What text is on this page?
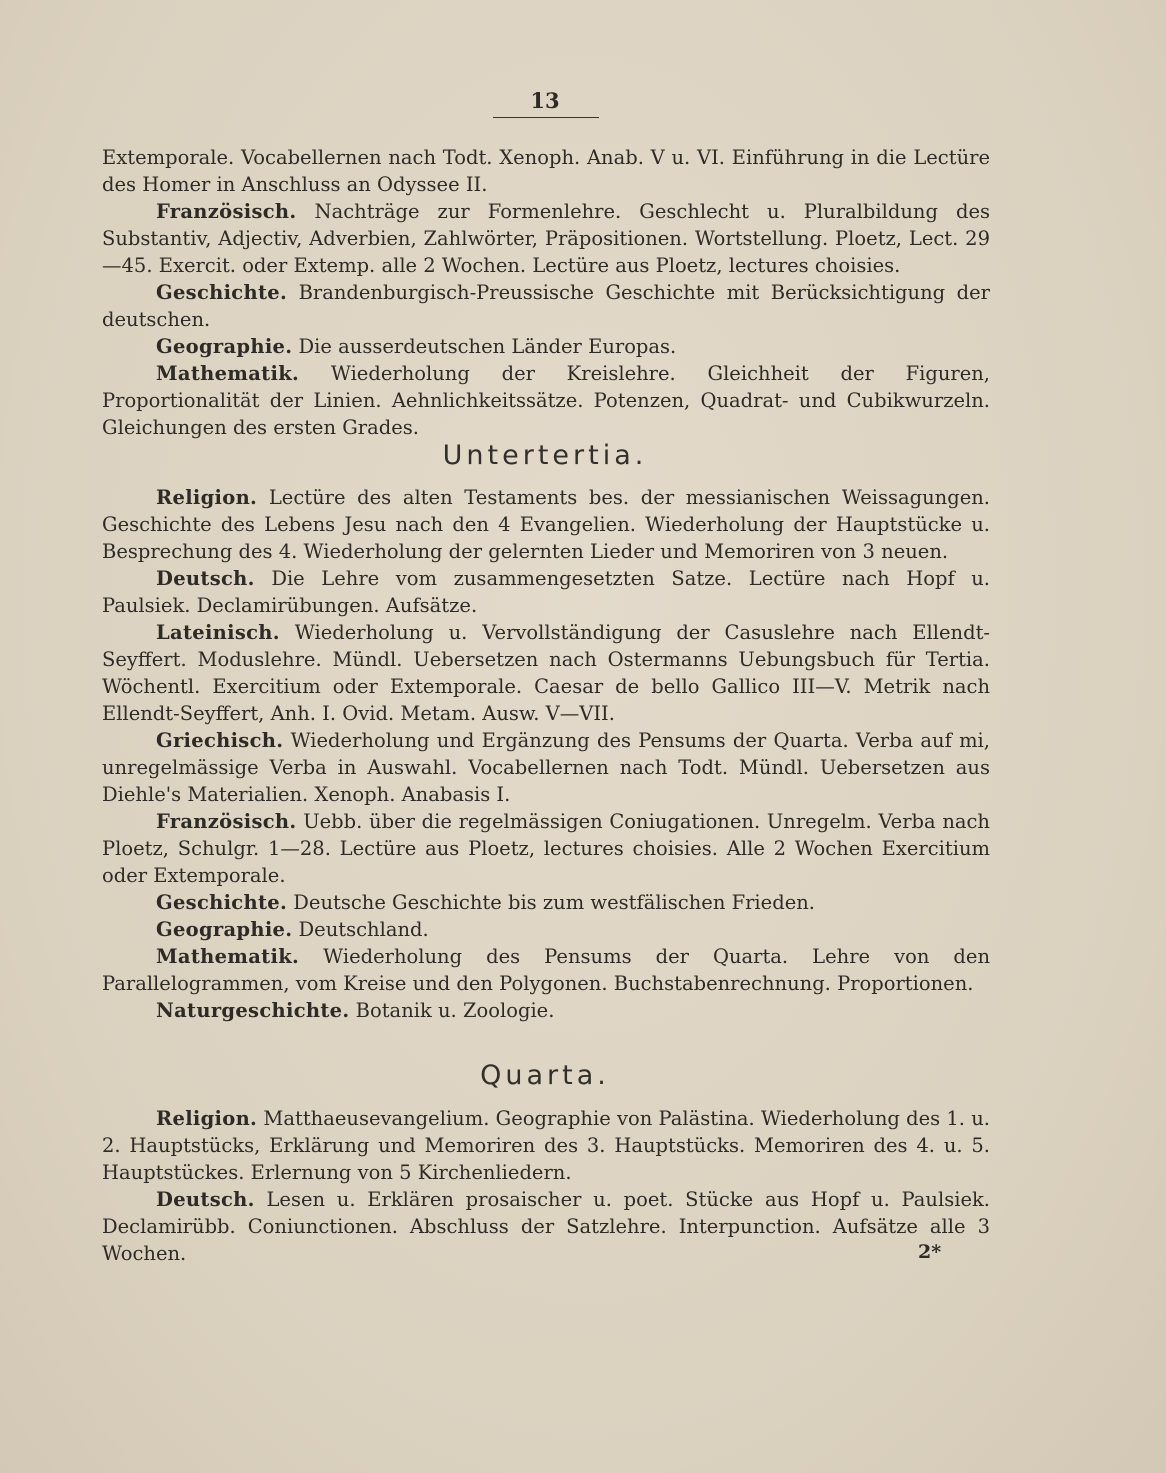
13

Extemporale. Vocabellernen nach Todt. Xenoph. Anab. V u. VI. Einführung in die Lectüre des Homer in Anschluss an Odyssee II.

Französisch. Nachträge zur Formenlehre. Geschlecht u. Pluralbildung des Substantiv, Adjectiv, Adverbien, Zahlwörter, Präpositionen. Wortstellung. Ploetz, Lect. 29—45. Exercit. oder Extemp. alle 2 Wochen. Lectüre aus Ploetz, lectures choisies.

Geschichte. Brandenburgisch-Preussische Geschichte mit Berücksichtigung der deutschen.

Geographie. Die ausserdeutschen Länder Europas.

Mathematik. Wiederholung der Kreislehre. Gleichheit der Figuren, Proportionalität der Linien. Aehnlichkeitssätze. Potenzen, Quadrat- und Cubikwurzeln. Gleichungen des ersten Grades.

Untertertia.

Religion. Lectüre des alten Testaments bes. der messianischen Weissagungen. Geschichte des Lebens Jesu nach den 4 Evangelien. Wiederholung der Hauptstücke u. Besprechung des 4. Wiederholung der gelernten Lieder und Memoriren von 3 neuen.

Deutsch. Die Lehre vom zusammengesetzten Satze. Lectüre nach Hopf u. Paulsiek. Declamirübungen. Aufsätze.

Lateinisch. Wiederholung u. Vervollständigung der Casuslehre nach Ellendt-Seyffert. Moduslehre. Mündl. Uebersetzen nach Ostermanns Uebungsbuch für Tertia. Wöchentl. Exercitium oder Extemporale. Caesar de bello Gallico III—V. Metrik nach Ellendt-Seyffert, Anh. I. Ovid. Metam. Ausw. V—VII.

Griechisch. Wiederholung und Ergänzung des Pensums der Quarta. Verba auf mi, unregelmässige Verba in Auswahl. Vocabellernen nach Todt. Mündl. Uebersetzen aus Diehle's Materialien. Xenoph. Anabasis I.

Französisch. Uebb. über die regelmässigen Coniugationen. Unregelm. Verba nach Ploetz, Schulgr. 1—28. Lectüre aus Ploetz, lectures choisies. Alle 2 Wochen Exercitium oder Extemporale.

Geschichte. Deutsche Geschichte bis zum westfälischen Frieden.

Geographie. Deutschland.

Mathematik. Wiederholung des Pensums der Quarta. Lehre von den Parallelogrammen, vom Kreise und den Polygonen. Buchstabenrechnung. Proportionen.

Naturgeschichte. Botanik u. Zoologie.

Quarta.

Religion. Matthaeusevangelium. Geographie von Palästina. Wiederholung des 1. u. 2. Hauptstücks, Erklärung und Memoriren des 3. Hauptstücks. Memoriren des 4. u. 5. Hauptstückes. Erlernung von 5 Kirchenliedern.

Deutsch. Lesen u. Erklären prosaischer u. poet. Stücke aus Hopf u. Paulsiek. Declamirübb. Coniunctionen. Abschluss der Satzlehre. Interpunction. Aufsätze alle 3 Wochen.	2*
